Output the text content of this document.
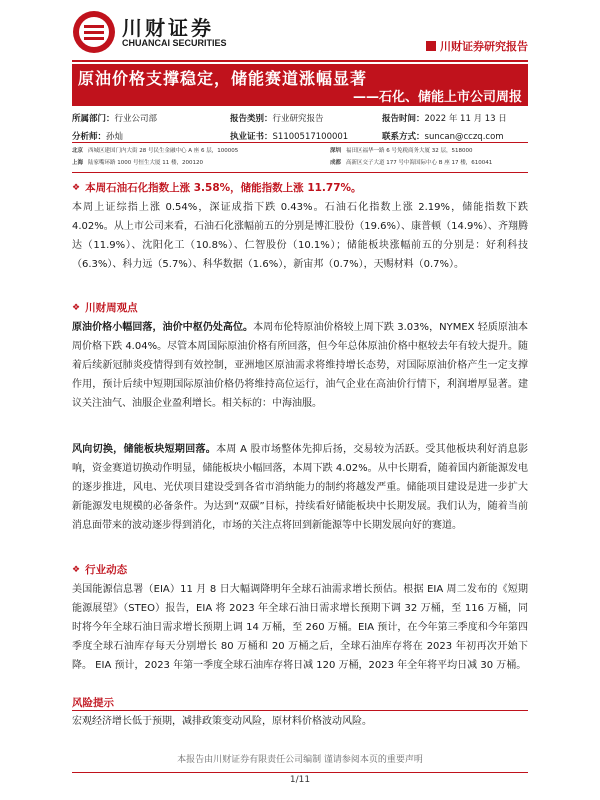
川财证券
CHUANCAI SECURITIES	川财证券研究报告
原油价格支撑稳定，储能赛道涨幅显著
——石化、储能上市公司周报
所属部门：行业公司部	报告类别：行业研究报告	报告时间：2022 年 11 月 13 日
分析师：孙灿	执业证书：S1100517100001	联系方式：suncan@cczq.com
北京 西城区建国门内大街 28 号民生金融中心 A 座 6 层，100005	深圳 福田区福华一路 6 号免税商务大厦 32 层，518000
上海 陆家嘴环路 1000 号恒生大厦 11 楼，200120	成都 高新区交子大道 177 号中海国际中心 B 座 17 楼，610041
❖ 本周石油石化指数上涨 3.58%，储能指数上涨 11.77%。
本周上证综指上涨 0.54%，深证成指下跌 0.43%。石油石化指数上涨 2.19%，储能指数下跌 4.02%。从上市公司来看，石油石化涨幅前五的分别是博汇股份（19.6%）、康普顿（14.9%）、齐翔腾达（11.9%）、沈阳化工（10.8%）、仁智股份（10.1%）；储能板块涨幅前五的分别是：好利科技（6.3%）、科力远（5.7%）、科华数据（1.6%），新宙邦（0.7%），天赐材料（0.7%）。
❖ 川财周观点
原油价格小幅回落，油价中枢仍处高位。本周布伦特原油价格较上周下跌 3.03%，NYMEX 轻质原油本周价格下跌 4.04%。尽管本周国际原油价格有所回落，但今年总体原油价格中枢较去年有较大提升。随着后续新冠肺炎疫情得到有效控制，亚洲地区原油需求将维持增长态势，对国际原油价格产生一定支撑作用，预计后续中短期国际原油价格仍将维持高位运行，油气企业在高油价行情下，利润增厚显著。建议关注油气、油服企业盈利增长。相关标的：中海油服。
风向切换，储能板块短期回落。本周 A 股市场整体先抑后扬，交易较为活跃。受其他板块利好消息影响，资金赛道切换动作明显，储能板块小幅回落，本周下跌 4.02%。从中长期看，随着国内新能源发电的逐步推进，风电、光伏项目建设受到各省市消纳能力的制约将越发严重。储能项目建设是进一步扩大新能源发电规模的必备条件。为达到“双碳”目标，持续看好储能板块中长期发展。我们认为，随着当前消息面带来的波动逐步得到消化，市场的关注点将回到新能源等中长期发展向好的赛道。
❖ 行业动态
美国能源信息署（EIA）11 月 8 日大幅调降明年全球石油需求增长预估。根据 EIA 周二发布的《短期能源展望》（STEO）报告，EIA 将 2023 年全球石油日需求增长预期下调 32 万桶，至 116 万桶，同时将今年全球石油日需求增长预期上调 14 万桶，至 260 万桶。EIA 预计，在今年第三季度和今年第四季度全球石油库存每天分别增长 80 万桶和 20 万桶之后，全球石油库存将在 2023 年初再次开始下降。 EIA 预计，2023 年第一季度全球石油库存将日减 120 万桶，2023 年全年将平均日减 30 万桶。
风险提示
宏观经济增长低于预期，减排政策变动风险，原材料价格波动风险。
本报告由川财证券有限责任公司编制 谨请参阅本页的重要声明
1/11
